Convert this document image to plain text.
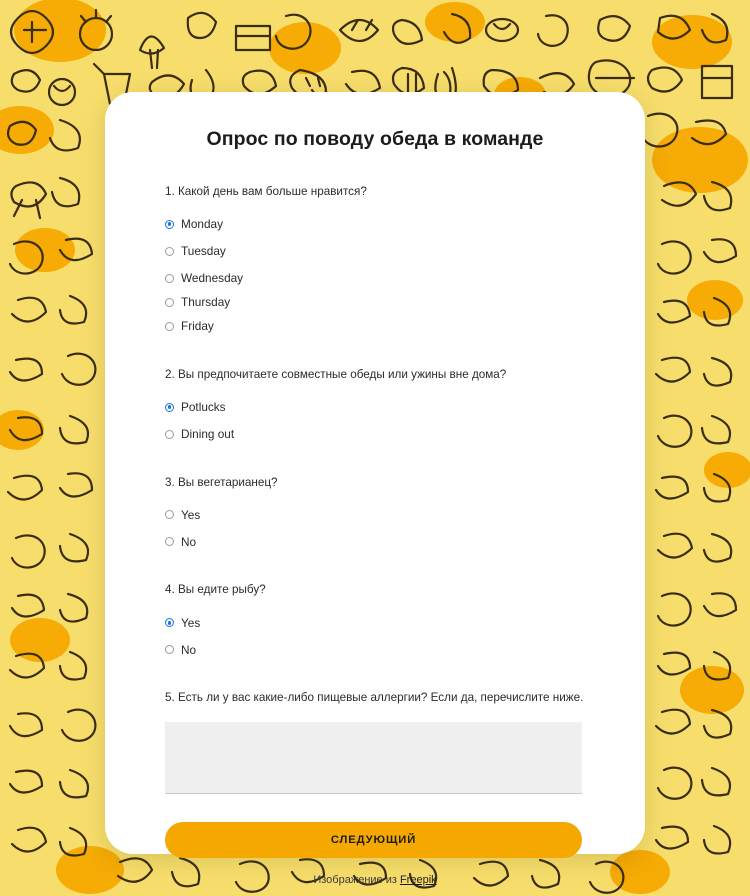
Опрос по поводу обеда в команде
1. Какой день вам больше нравится?
Monday
Tuesday
Wednesday
Thursday
Friday
2. Вы предпочитаете совместные обеды или ужины вне дома?
Potlucks
Dining out
3. Вы вегетарианец?
Yes
No
4. Вы едите рыбу?
Yes
No
5. Есть ли у вас какие-либо пищевые аллергии? Если да, перечислите ниже.
СЛЕДУЮЩИЙ
Изображение из Freepik
